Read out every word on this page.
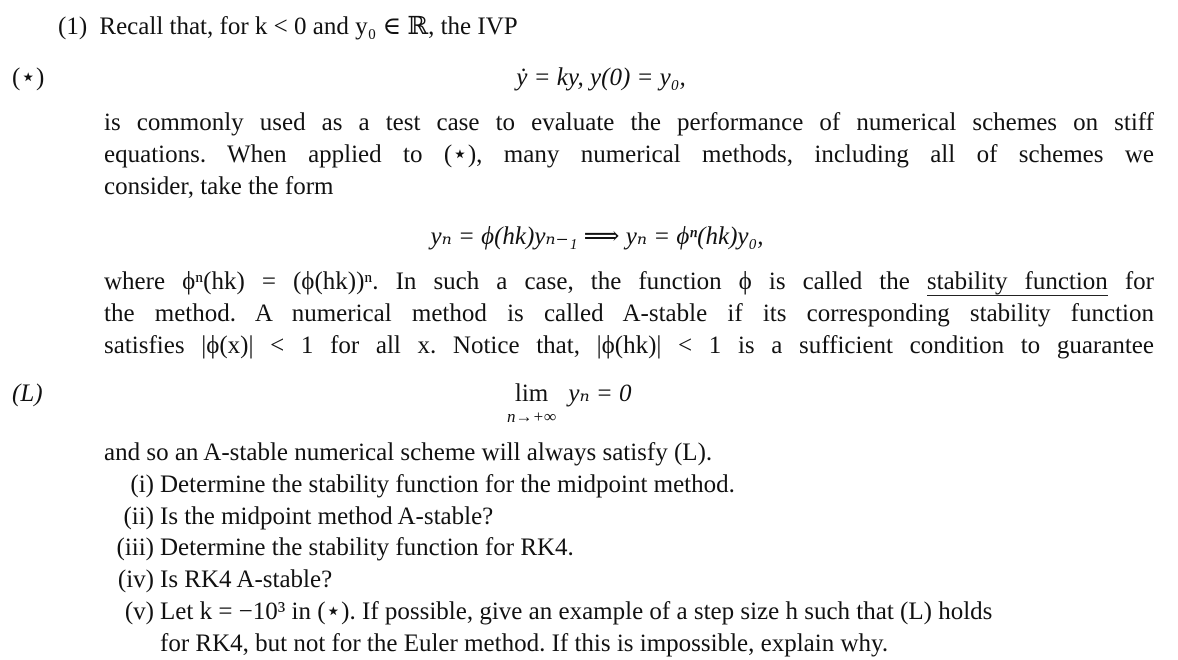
(1) Recall that, for k < 0 and y₀ ∈ ℝ, the IVP
(⋆)	ẏ = ky, y(0) = y₀,
is commonly used as a test case to evaluate the performance of numerical schemes on stiff
equations. When applied to (⋆), many numerical methods, including all of schemes we
consider, take the form
yₙ = ϕ(hk)yₙ₋₁ ⟹ yₙ = ϕⁿ(hk)y₀,
where ϕⁿ(hk) = (ϕ(hk))ⁿ. In such a case, the function ϕ is called the stability function for
the method. A numerical method is called A-stable if its corresponding stability function
satisfies |ϕ(x)| < 1 for all x. Notice that, |ϕ(hk)| < 1 is a sufficient condition to guarantee
(L)	lim
n→+∞
yₙ = 0
and so an A-stable numerical scheme will always satisfy (L).
(i) Determine the stability function for the midpoint method.
(ii) Is the midpoint method A-stable?
(iii) Determine the stability function for RK4.
(iv) Is RK4 A-stable?
(v) Let k = −10³ in (⋆). If possible, give an example of a step size h such that (L) holds
for RK4, but not for the Euler method. If this is impossible, explain why.
